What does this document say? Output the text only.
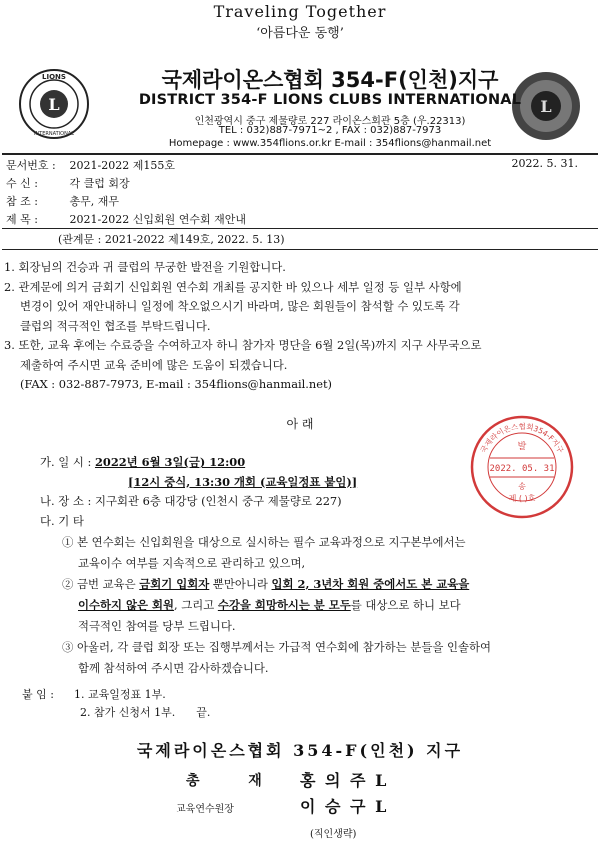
Traveling Together
‘아름다운 동행’
L
LIONS
INTERNATIONAL
L
국제라이온스협회 354-F(인천)지구
DISTRICT 354-F LIONS CLUBS INTERNATIONAL
인천광역시 중구 제물량로 227 라이온스회관 5층 (우.22313)
TEL : 032)887-7971~2 , FAX : 032)887-7973
Homepage : www.354flions.or.kr E-mail : 354flions@hanmail.net
문서번호 : 2021-2022 제155호	2022. 5. 31.
수 신 :	각 클럽 회장
참 조 :	총무, 재무
제 목 :	2021-2022 신입회원 연수회 재안내
(관계문 : 2021-2022 제149호, 2022. 5. 13)
1. 회장님의 건승과 귀 클럽의 무궁한 발전을 기원합니다.
2. 관계문에 의거 금회기 신입회원 연수회 개최를 공지한 바 있으나 세부 일정 등 일부 사항에
변경이 있어 재안내하니 일정에 착오없으시기 바라며, 많은 회원들이 참석할 수 있도록 각
클럽의 적극적인 협조를 부탁드립니다.
3. 또한, 교육 후에는 수료증을 수여하고자 하니 참가자 명단을 6월 2일(목)까지 지구 사무국으로
제출하여 주시면 교육 준비에 많은 도움이 되겠습니다.
(FAX : 032-887-7973, E-mail : 354flions@hanmail.net)
아 래
가. 일 시 : 2022년 6월 3일(금) 12:00
[12시 중식, 13:30 개회 (교육일정표 붙임)]
나. 장 소 : 지구회관 6층 대강당 (인천시 중구 제물량로 227)
다. 기 타
① 본 연수회는 신입회원을 대상으로 실시하는 필수 교육과정으로 지구본부에서는
교육이수 여부를 지속적으로 관리하고 있으며,
② 금번 교육은 금회기 입회자 뿐만아니라 입회 2, 3년차 회원 중에서도 본 교육을
이수하지 않은 회원, 그리고 수강을 희망하시는 분 모두를 대상으로 하니 보다
적극적인 참여를 당부 드립니다.
③ 아울러, 각 클럽 회장 또는 집행부께서는 가급적 연수회에 참가하는 분들을 인솔하여
함께 참석하여 주시면 감사하겠습니다.
국제라이온스협회354-F지구
발
2022. 05. 31
송
제 ( )호
붙 임 : 1. 교육일정표 1부.
2. 참가 신청서 1부.      끝.
국제라이온스협회 354-F(인천) 지구
총          재 홍 의 주 L
교육연수원장	이 승 구 L
(직인생략)
